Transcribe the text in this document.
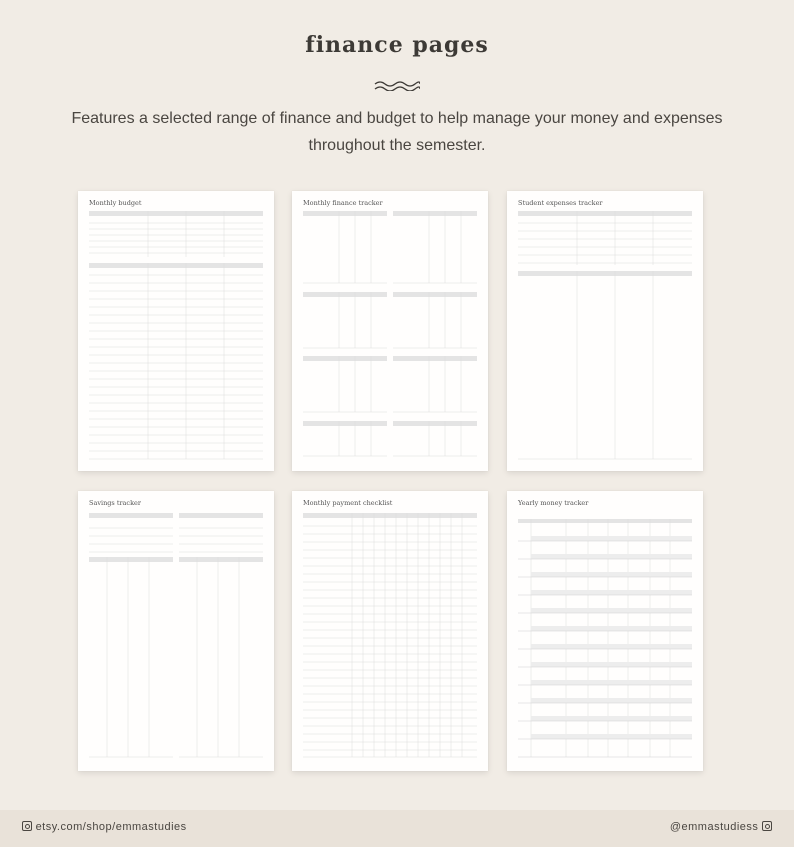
finance pages
Features a selected range of finance and budget to help manage your money and expenses throughout the semester.
Monthly budget	Monthly finance tracker	Student expenses tracker
Savings tracker	Monthly payment checklist	Yearly money tracker
etsy.com/shop/emmastudies	@emmastudiess
